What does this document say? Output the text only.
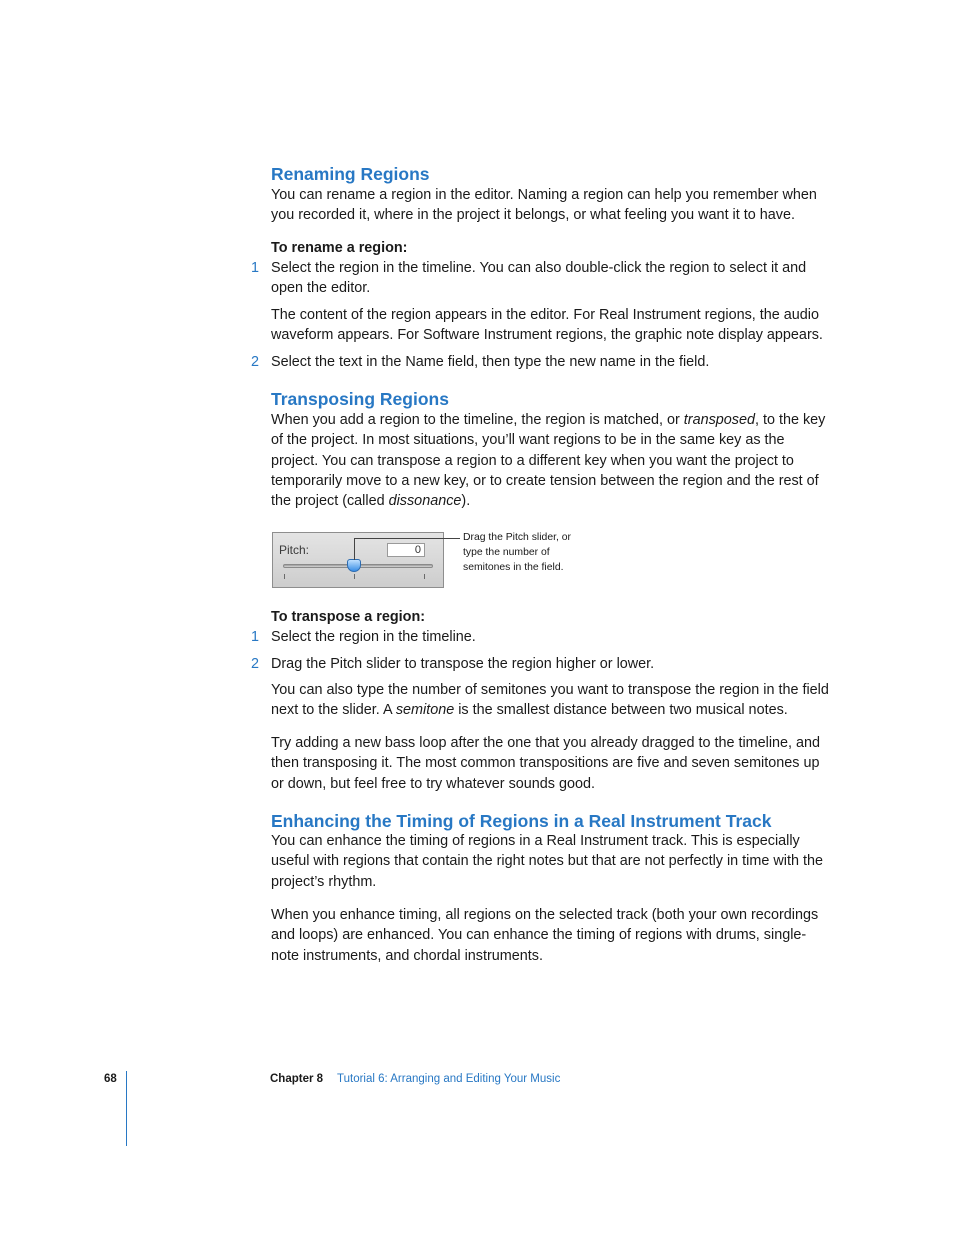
Renaming Regions

You can rename a region in the editor. Naming a region can help you remember when you recorded it, where in the project it belongs, or what feeling you want it to have.

To rename a region:
1 Select the region in the timeline. You can also double-click the region to select it and open the editor.

The content of the region appears in the editor. For Real Instrument regions, the audio waveform appears. For Software Instrument regions, the graphic note display appears.

2 Select the text in the Name field, then type the new name in the field.

Transposing Regions

When you add a region to the timeline, the region is matched, or transposed, to the key of the project. In most situations, you’ll want regions to be in the same key as the project. You can transpose a region to a different key when you want the project to temporarily move to a new key, or to create tension between the region and the rest of the project (called dissonance).

Pitch:	0
Drag the Pitch slider, or type the number of semitones in the field.
To transpose a region:
1 Select the region in the timeline.

2 Drag the Pitch slider to transpose the region higher or lower.

You can also type the number of semitones you want to transpose the region in the field next to the slider. A semitone is the smallest distance between two musical notes.

Try adding a new bass loop after the one that you already dragged to the timeline, and then transposing it. The most common transpositions are five and seven semitones up or down, but feel free to try whatever sounds good.

Enhancing the Timing of Regions in a Real Instrument Track

You can enhance the timing of regions in a Real Instrument track. This is especially useful with regions that contain the right notes but that are not perfectly in time with the project’s rhythm.

When you enhance timing, all regions on the selected track (both your own recordings and loops) are enhanced. You can enhance the timing of regions with drums, single-note instruments, and chordal instruments.

68	Chapter 8 Tutorial 6: Arranging and Editing Your Music
